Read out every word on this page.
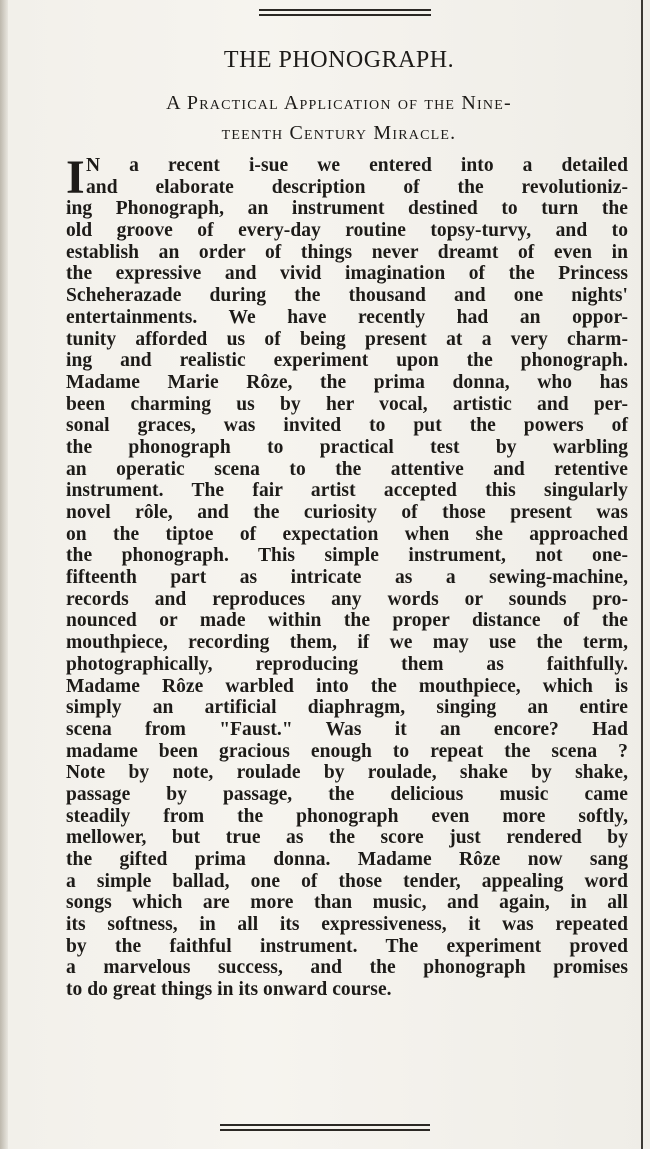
THE PHONOGRAPH.
A Practical Application of the Nine-
teenth Century Miracle.
I N a recent i-sue we entered into a detailed
and elaborate description of the revolutioniz-
ing Phonograph, an instrument destined to turn the
old groove of every-day routine topsy-turvy, and to
establish an order of things never dreamt of even in
the expressive and vivid imagination of the Princess
Scheherazade during the thousand and one nights'
entertainments. We have recently had an oppor-
tunity afforded us of being present at a very charm-
ing and realistic experiment upon the phonograph.
Madame Marie Rôze, the prima donna, who has
been charming us by her vocal, artistic and per-
sonal graces, was invited to put the powers of
the phonograph to practical test by warbling
an operatic scena to the attentive and retentive
instrument. The fair artist accepted this singularly
novel rôle, and the curiosity of those present was
on the tiptoe of expectation when she approached
the phonograph. This simple instrument, not one-
fifteenth part as intricate as a sewing-machine,
records and reproduces any words or sounds pro-
nounced or made within the proper distance of the
mouthpiece, recording them, if we may use the term,
photographically, reproducing them as faithfully.
Madame Rôze warbled into the mouthpiece, which is
simply an artificial diaphragm, singing an entire
scena from "Faust." Was it an encore? Had
madame been gracious enough to repeat the scena ?
Note by note, roulade by roulade, shake by shake,
passage by passage, the delicious music came
steadily from the phonograph even more softly,
mellower, but true as the score just rendered by
the gifted prima donna. Madame Rôze now sang
a simple ballad, one of those tender, appealing word
songs which are more than music, and again, in all
its softness, in all its expressiveness, it was repeated
by the faithful instrument. The experiment proved
a marvelous success, and the phonograph promises
to do great things in its onward course.
